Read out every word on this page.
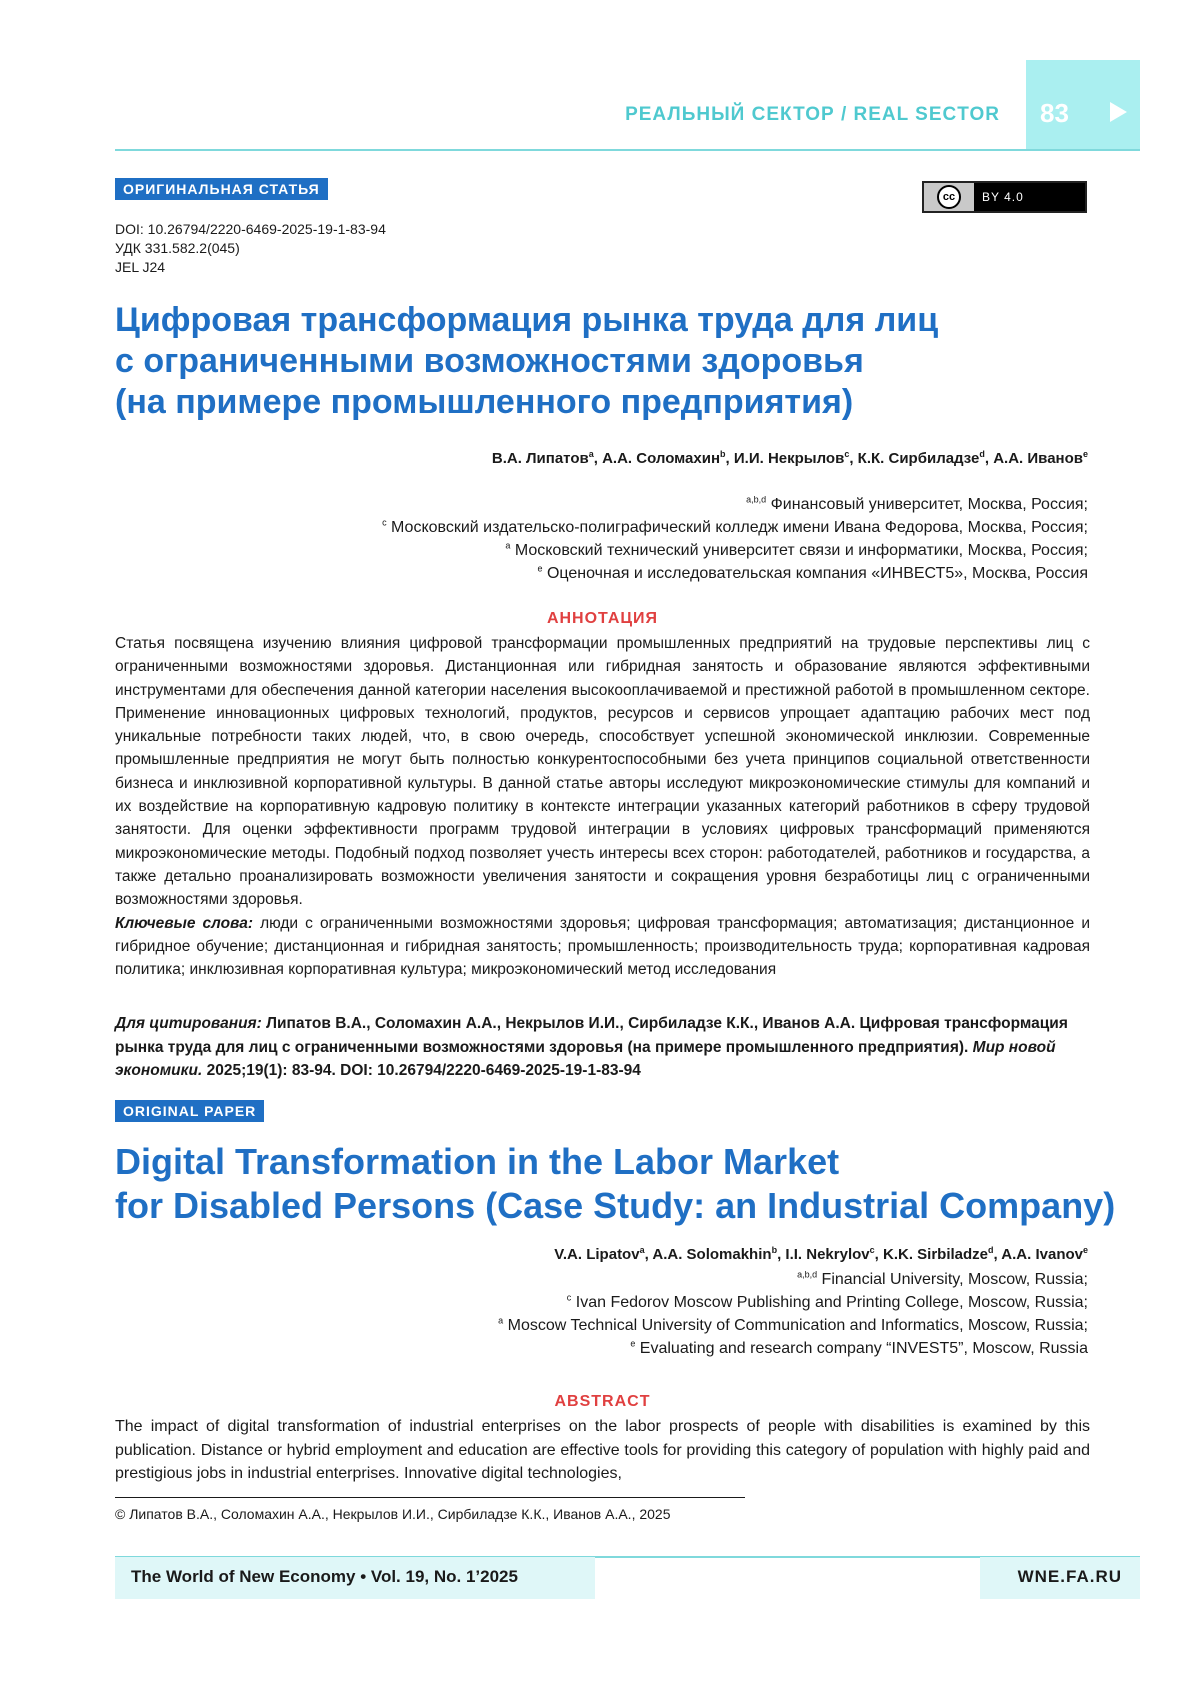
РЕАЛЬНЫЙ СЕКТОР / REAL SECTOR 83
ОРИГИНАЛЬНАЯ СТАТЬЯ	cc	BY 4.0
DOI: 10.26794/2220-6469-2025-19-1-83-94
УДК 331.582.2(045)
JEL J24
Цифровая трансформация рынка труда для лиц
с ограниченными возможностями здоровья
(на примере промышленного предприятия)
В.А. Липатов$^a$, А.А. Соломахин$^b$, И.И. Некрылов$^c$, К.К. Сирбиладзе$^d$, А.А. Иванов$^e$
$^{a,b,d}$ Финансовый университет, Москва, Россия;
$^c$ Московский издательско-полиграфический колледж имени Ивана Федорова, Москва, Россия;
$^a$ Московский технический университет связи и информатики, Москва, Россия;
$^e$ Оценочная и исследовательская компания «ИНВЕСТ5», Москва, Россия
АННОТАЦИЯ
Статья посвящена изучению влияния цифровой трансформации промышленных предприятий на трудовые перспективы лиц с ограниченными возможностями здоровья. Дистанционная или гибридная занятость и образование являются эффективными инструментами для обеспечения данной категории населения высокооплачиваемой и престижной работой в промышленном секторе. Применение инновационных цифровых технологий, продуктов, ресурсов и сервисов упрощает адаптацию рабочих мест под уникальные потребности таких людей, что, в свою очередь, способствует успешной экономической инклюзии. Современные промышленные предприятия не могут быть полностью конкурентоспособными без учета принципов социальной ответственности бизнеса и инклюзивной корпоративной культуры. В данной статье авторы исследуют микроэкономические стимулы для компаний и их воздействие на корпоративную кадровую политику в контексте интеграции указанных категорий работников в сферу трудовой занятости. Для оценки эффективности программ трудовой интеграции в условиях цифровых трансформаций применяются микроэкономические методы. Подобный подход позволяет учесть интересы всех сторон: работодателей, работников и государства, а также детально проанализировать возможности увеличения занятости и сокращения уровня безработицы лиц с ограниченными возможностями здоровья.
Ключевые слова: люди с ограниченными возможностями здоровья; цифровая трансформация; автоматизация; дистанционное и гибридное обучение; дистанционная и гибридная занятость; промышленность; производительность труда; корпоративная кадровая политика; инклюзивная корпоративная культура; микроэкономический метод исследования
Для цитирования: Липатов В.А., Соломахин А.А., Некрылов И.И., Сирбиладзе К.К., Иванов А.А. Цифровая трансформация рынка труда для лиц с ограниченными возможностями здоровья (на примере промышленного предприятия). Мир новой экономики. 2025;19(1): 83-94. DOI: 10.26794/2220-6469-2025-19-1-83-94
ORIGINAL PAPER
Digital Transformation in the Labor Market
for Disabled Persons (Case Study: an Industrial Company)
V.A. Lipatov$^a$, A.A. Solomakhin$^b$, I.I. Nekrylov$^c$, K.K. Sirbiladze$^d$, A.A. Ivanov$^e$
$^{a,b,d}$ Financial University, Moscow, Russia;
$^c$ Ivan Fedorov Moscow Publishing and Printing College, Moscow, Russia;
$^a$ Moscow Technical University of Communication and Informatics, Moscow, Russia;
$^e$ Evaluating and research company “INVEST5”, Moscow, Russia
ABSTRACT
The impact of digital transformation of industrial enterprises on the labor prospects of people with disabilities is examined by this publication. Distance or hybrid employment and education are effective tools for providing this category of population with highly paid and prestigious jobs in industrial enterprises. Innovative digital technologies,
© Липатов В.А., Соломахин А.А., Некрылов И.И., Сирбиладзе К.К., Иванов А.А., 2025
The World of New Economy • Vol. 19, No. 1’2025	WNE.FA.RU
